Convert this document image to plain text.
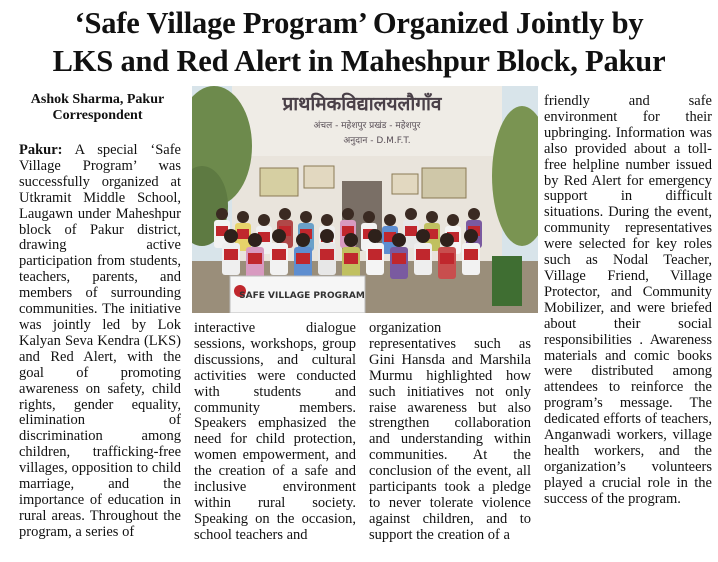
‘Safe Village Program’ Organized Jointly by
LKS and Red Alert in Maheshpur Block, Pakur
Ashok Sharma, Pakur
Correspondent

Pakur: A special ‘Safe Village Program’ was successfully organized at Utkramit Middle School, Laugawn under Maheshpur block of Pakur district, drawing active participation from students, teachers, parents, and members of surrounding communities. The initiative was jointly led by Lok Kalyan Seva Kendra (LKS) and Red Alert, with the goal of promoting awareness on safety, child rights, gender equality, elimination of discrimination among children, trafficking-free villages, opposition to child marriage, and the importance of education in rural areas. Throughout the program, a series of

प्राथमिकविद्यालयलौगाँव
अंचल - महेशपुर प्रखंड - महेशपुर
अनुदान - D.M.F.T.
SAFE VILLAGE PROGRAM

interactive dialogue sessions, workshops, group discussions, and cultural activities were conducted with students and community members. Speakers emphasized the need for child protection, women empowerment, and the creation of a safe and inclusive environment within rural society. Speaking on the occasion, school teachers and

organization representatives such as Gini Hansda and Marshila Murmu highlighted how such initiatives not only raise awareness but also strengthen collaboration and understanding within communities. At the conclusion of the event, all participants took a pledge to never tolerate violence against children, and to support the creation of a

friendly and safe environment for their upbringing. Information was also provided about a toll-free helpline number issued by Red Alert for emergency support in difficult situations. During the event, community representatives were selected for key roles such as Nodal Teacher, Village Friend, Village Protector, and Community Mobilizer, and were briefed about their social responsibilities . Awareness materials and comic books were distributed among attendees to reinforce the program’s message. The dedicated efforts of teachers, Anganwadi workers, village health workers, and the organization’s volunteers played a crucial role in the success of the program.
